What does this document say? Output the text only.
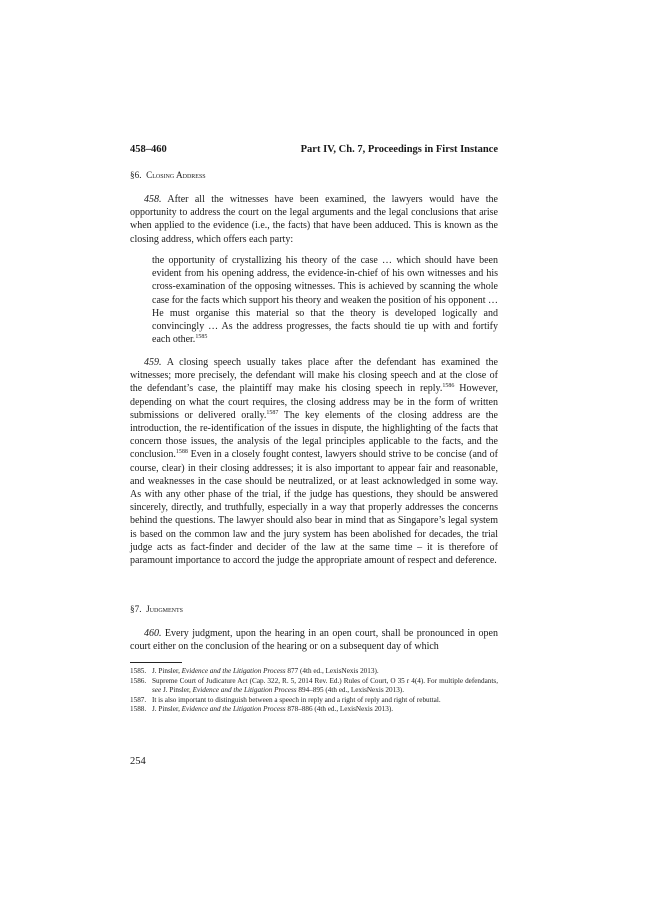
458–460	Part IV, Ch. 7, Proceedings in First Instance
§6. Closing Address

458. After all the witnesses have been examined, the lawyers would have the opportunity to address the court on the legal arguments and the legal conclusions that arise when applied to the evidence (i.e., the facts) that have been adduced. This is known as the closing address, which offers each party:

the opportunity of crystallizing his theory of the case … which should have been evident from his opening address, the evidence-in-chief of his own witnesses and his cross-examination of the opposing witnesses. This is achieved by scanning the whole case for the facts which support his theory and weaken the position of his opponent … He must organise this material so that the theory is developed logically and convincingly … As the address progresses, the facts should tie up with and fortify each other.$^{1585}$

459. A closing speech usually takes place after the defendant has examined the witnesses; more precisely, the defendant will make his closing speech and at the close of the defendant’s case, the plaintiff may make his closing speech in reply.$^{1586}$ However, depending on what the court requires, the closing address may be in the form of written submissions or delivered orally.$^{1587}$ The key elements of the closing address are the introduction, the re-identification of the issues in dispute, the highlighting of the facts that concern those issues, the analysis of the legal principles applicable to the facts, and the conclusion.$^{1588}$ Even in a closely fought contest, lawyers should strive to be concise (and of course, clear) in their closing addresses; it is also important to appear fair and reasonable, and weaknesses in the case should be neutralized, or at least acknowledged in some way. As with any other phase of the trial, if the judge has questions, they should be answered sincerely, directly, and truthfully, especially in a way that properly addresses the concerns behind the questions. The lawyer should also bear in mind that as Singapore’s legal system is based on the common law and the jury system has been abolished for decades, the trial judge acts as fact-finder and decider of the law at the same time – it is therefore of paramount importance to accord the judge the appropriate amount of respect and deference.

§7. Judgments

460. Every judgment, upon the hearing in an open court, shall be pronounced in open court either on the conclusion of the hearing or on a subsequent day of which

1585. J. Pinsler, Evidence and the Litigation Process 877 (4th ed., LexisNexis 2013).

1586. Supreme Court of Judicature Act (Cap. 322, R. 5, 2014 Rev. Ed.) Rules of Court, O 35 r 4(4). For multiple defendants, see J. Pinsler, Evidence and the Litigation Process 894–895 (4th ed., LexisNexis 2013).

1587. It is also important to distinguish between a speech in reply and a right of reply and right of rebuttal.

1588. J. Pinsler, Evidence and the Litigation Process 878–886 (4th ed., LexisNexis 2013).

254
